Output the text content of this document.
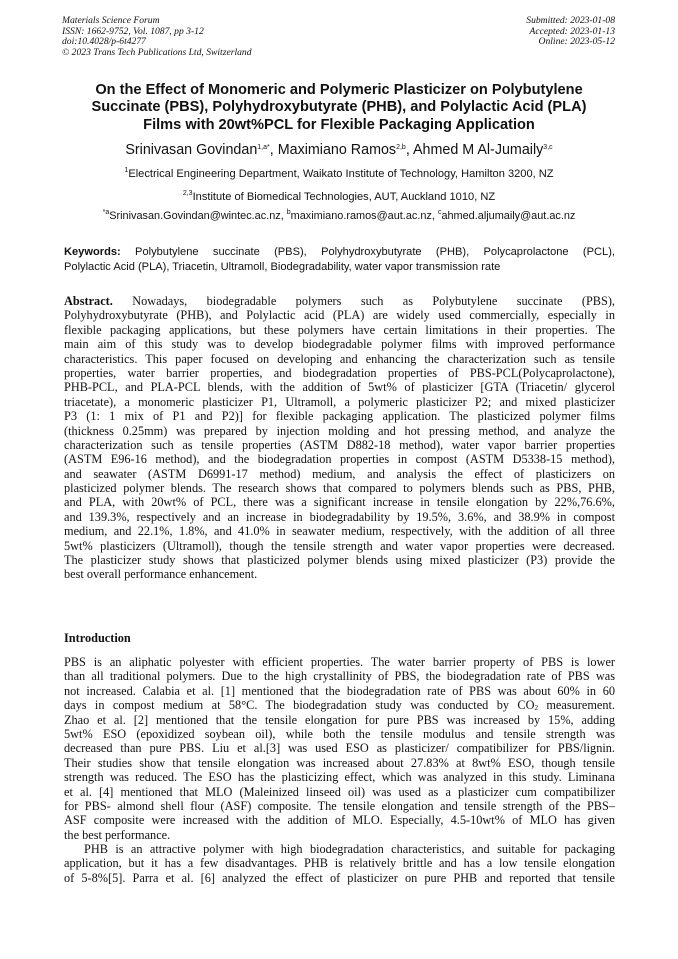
Materials Science Forum
ISSN: 1662-9752, Vol. 1087, pp 3-12
doi:10.4028/p-6t4277
© 2023 Trans Tech Publications Ltd, Switzerland
Submitted: 2023-01-08
Accepted: 2023-01-13
Online: 2023-05-12
On the Effect of Monomeric and Polymeric Plasticizer on Polybutylene
Succinate (PBS), Polyhydroxybutyrate (PHB), and Polylactic Acid (PLA)
Films with 20wt%PCL for Flexible Packaging Application
Srinivasan Govindan$^{1,a*}$, Maximiano Ramos$^{2,b}$, Ahmed M Al-Jumaily$^{3,c}$
$^1$Electrical Engineering Department, Waikato Institute of Technology, Hamilton 3200, NZ
$^{2,3}$Institute of Biomedical Technologies, AUT, Auckland 1010, NZ
$^{*a}$Srinivasan.Govindan@wintec.ac.nz, $^b$maximiano.ramos@aut.ac.nz, $^c$ahmed.aljumaily@aut.ac.nz
Keywords: Polybutylene succinate (PBS), Polyhydroxybutyrate (PHB), Polycaprolactone (PCL),
Polylactic Acid (PLA), Triacetin, Ultramoll, Biodegradability, water vapor transmission rate
Abstract. Nowadays, biodegradable polymers such as Polybutylene succinate (PBS),
Polyhydroxybutyrate (PHB), and Polylactic acid (PLA) are widely used commercially, especially in
flexible packaging applications, but these polymers have certain limitations in their properties. The
main aim of this study was to develop biodegradable polymer films with improved performance
characteristics. This paper focused on developing and enhancing the characterization such as tensile
properties, water barrier properties, and biodegradation properties of PBS-PCL(Polycaprolactone),
PHB-PCL, and PLA-PCL blends, with the addition of 5wt% of plasticizer [GTA (Triacetin/ glycerol
triacetate), a monomeric plasticizer P1, Ultramoll, a polymeric plasticizer P2; and mixed plasticizer
P3 (1: 1 mix of P1 and P2)] for flexible packaging application. The plasticized polymer films
(thickness 0.25mm) was prepared by injection molding and hot pressing method, and analyze the
characterization such as tensile properties (ASTM D882-18 method), water vapor barrier properties
(ASTM E96-16 method), and the biodegradation properties in compost (ASTM D5338-15 method),
and seawater (ASTM D6991-17 method) medium, and analysis the effect of plasticizers on
plasticized polymer blends. The research shows that compared to polymers blends such as PBS, PHB,
and PLA, with 20wt% of PCL, there was a significant increase in tensile elongation by 22%,76.6%,
and 139.3%, respectively and an increase in biodegradability by 19.5%, 3.6%, and 38.9% in compost
medium, and 22.1%, 1.8%, and 41.0% in seawater medium, respectively, with the addition of all three
5wt% plasticizers (Ultramoll), though the tensile strength and water vapor properties were decreased.
The plasticizer study shows that plasticized polymer blends using mixed plasticizer (P3) provide the
best overall performance enhancement.
Introduction
PBS is an aliphatic polyester with efficient properties. The water barrier property of PBS is lower
than all traditional polymers. Due to the high crystallinity of PBS, the biodegradation rate of PBS was
not increased. Calabia et al. [1] mentioned that the biodegradation rate of PBS was about 60% in 60
days in compost medium at 58°C. The biodegradation study was conducted by $CO_2$ measurement.
Zhao et al. [2] mentioned that the tensile elongation for pure PBS was increased by 15%, adding
5wt% ESO (epoxidized soybean oil), while both the tensile modulus and tensile strength was
decreased than pure PBS. Liu et al.[3] was used ESO as plasticizer/ compatibilizer for PBS/lignin.
Their studies show that tensile elongation was increased about 27.83% at 8wt% ESO, though tensile
strength was reduced. The ESO has the plasticizing effect, which was analyzed in this study. Liminana
et al. [4] mentioned that MLO (Maleinized linseed oil) was used as a plasticizer cum compatibilizer
for PBS- almond shell flour (ASF) composite. The tensile elongation and tensile strength of the PBS–
ASF composite were increased with the addition of MLO. Especially, 4.5-10wt% of MLO has given
the best performance.
PHB is an attractive polymer with high biodegradation characteristics, and suitable for packaging
application, but it has a few disadvantages. PHB is relatively brittle and has a low tensile elongation
of 5-8%[5]. Parra et al. [6] analyzed the effect of plasticizer on pure PHB and reported that tensile
